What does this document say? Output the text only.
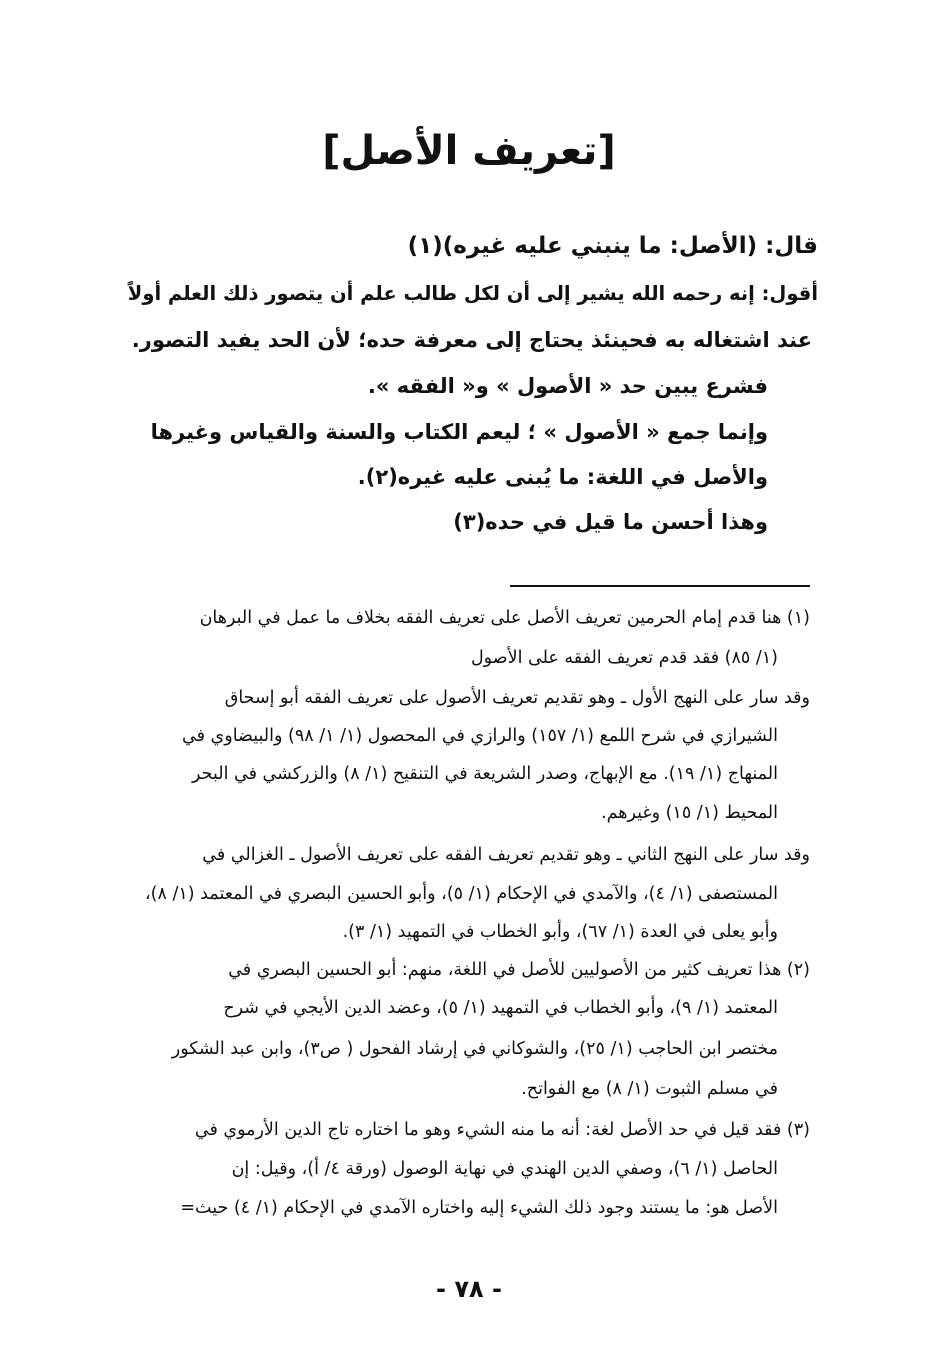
[تعريف الأصل]
قال: (الأصل: ما ينبني عليه غيره)(١)
أقول: إنه رحمه الله يشير إلى أن لكل طالب علم أن يتصور ذلك العلم أولاً
عند اشتغاله به فحينئذ يحتاج إلى معرفة حده؛ لأن الحد يفيد التصور.
فشرع يبين حد « الأصول » و« الفقه ».
وإنما جمع « الأصول » ؛ ليعم الكتاب والسنة والقياس وغيرها
والأصل في اللغة: ما يُبنى عليه غيره(٢).
وهذا أحسن ما قيل في حده(٣)
(١) هنا قدم إمام الحرمين تعريف الأصل على تعريف الفقه بخلاف ما عمل في البرهان
(١/ ٨٥) فقد قدم تعريف الفقه على الأصول
وقد سار على النهج الأول ـ وهو تقديم تعريف الأصول على تعريف الفقه أبو إسحاق
الشيرازي في شرح اللمع (١/ ١٥٧) والرازي في المحصول (١/ ١/ ٩٨) والبيضاوي في
المنهاج (١/ ١٩). مع الإبهاج، وصدر الشريعة في التنقيح (١/ ٨) والزركشي في البحر
المحيط (١/ ١٥) وغيرهم.
وقد سار على النهج الثاني ـ وهو تقديم تعريف الفقه على تعريف الأصول ـ الغزالي في
المستصفى (١/ ٤)، والآمدي في الإحكام (١/ ٥)، وأبو الحسين البصري في المعتمد (١/ ٨)،
وأبو يعلى في العدة (١/ ٦٧)، وأبو الخطاب في التمهيد (١/ ٣).
(٢) هذا تعريف كثير من الأصوليين للأصل في اللغة، منهم: أبو الحسين البصري في
المعتمد (١/ ٩)، وأبو الخطاب في التمهيد (١/ ٥)، وعضد الدين الأيجي في شرح
مختصر ابن الحاجب (١/ ٢٥)، والشوكاني في إرشاد الفحول ( ص٣)، وابن عبد الشكور
في مسلم الثبوت (١/ ٨) مع الفواتح.
(٣) فقد قيل في حد الأصل لغة: أنه ما منه الشيء وهو ما اختاره تاج الدين الأرموي في
الحاصل (١/ ٦)، وصفي الدين الهندي في نهاية الوصول (ورقة ٤/ أ)، وقيل: إن
الأصل هو: ما يستند وجود ذلك الشيء إليه واختاره الآمدي في الإحكام (١/ ٤) حيث=
- ٧٨ -
